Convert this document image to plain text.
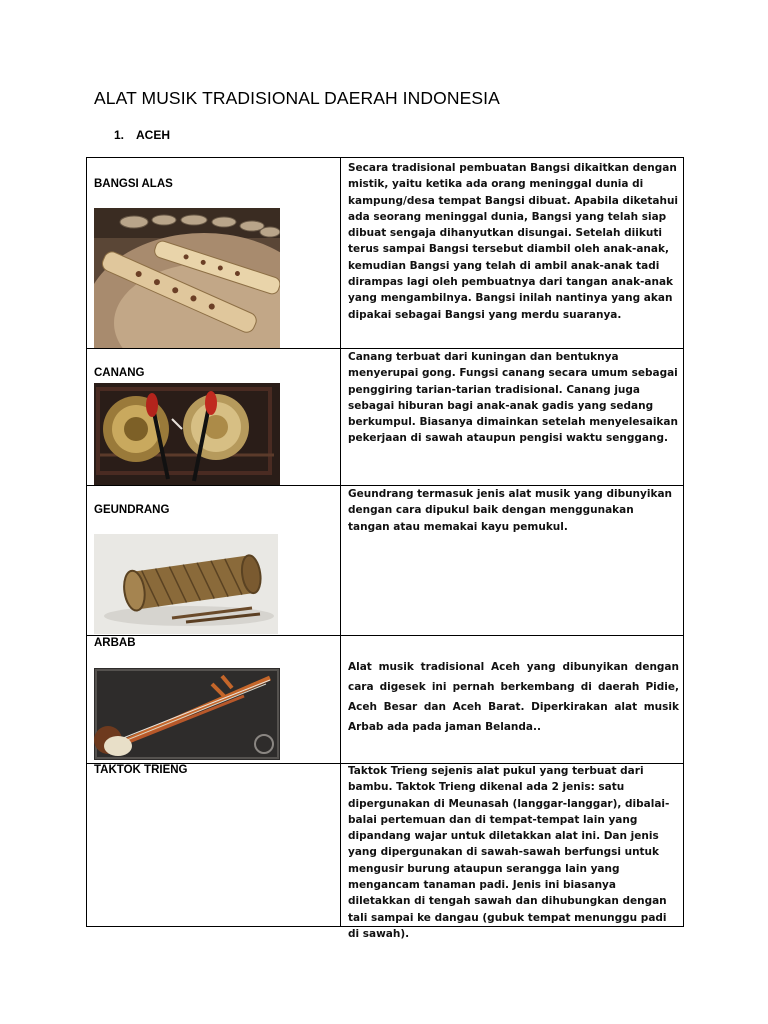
ALAT MUSIK TRADISIONAL DAERAH INDONESIA
1. ACEH
BANGSI ALAS	Secara tradisional pembuatan Bangsi dikaitkan dengan mistik, yaitu ketika ada orang meninggal dunia di kampung/desa tempat Bangsi dibuat. Apabila diketahui ada seorang meninggal dunia, Bangsi yang telah siap dibuat sengaja dihanyutkan disungai. Setelah diikuti terus sampai Bangsi tersebut diambil oleh anak-anak, kemudian Bangsi yang telah di ambil anak-anak tadi dirampas lagi oleh pembuatnya dari tangan anak-anak yang mengambilnya. Bangsi inilah nantinya yang akan dipakai sebagai Bangsi yang merdu suaranya.

CANANG	Canang terbuat dari kuningan dan bentuknya menyerupai gong. Fungsi canang secara umum sebagai penggiring tarian-tarian tradisional. Canang juga sebagai hiburan bagi anak-anak gadis yang sedang berkumpul. Biasanya dimainkan setelah menyelesaikan pekerjaan di sawah ataupun pengisi waktu senggang.

GEUNDRANG	Geundrang termasuk jenis alat musik yang dibunyikan dengan cara dipukul baik dengan menggunakan tangan atau memakai kayu pemukul.

ARBAB	Alat musik tradisional Aceh yang dibunyikan dengan cara digesek ini pernah berkembang di daerah Pidie, Aceh Besar dan Aceh Barat. Diperkirakan alat musik Arbab ada pada jaman Belanda..

TAKTOK TRIENG	Taktok Trieng sejenis alat pukul yang terbuat dari bambu. Taktok Trieng dikenal ada 2 jenis: satu dipergunakan di Meunasah (langgar-langgar), dibalai-balai pertemuan dan di tempat-tempat lain yang dipandang wajar untuk diletakkan alat ini. Dan jenis yang dipergunakan di sawah-sawah berfungsi untuk mengusir burung ataupun serangga lain yang mengancam tanaman padi. Jenis ini biasanya diletakkan di tengah sawah dan dihubungkan dengan tali sampai ke dangau (gubuk tempat menunggu padi di sawah).
